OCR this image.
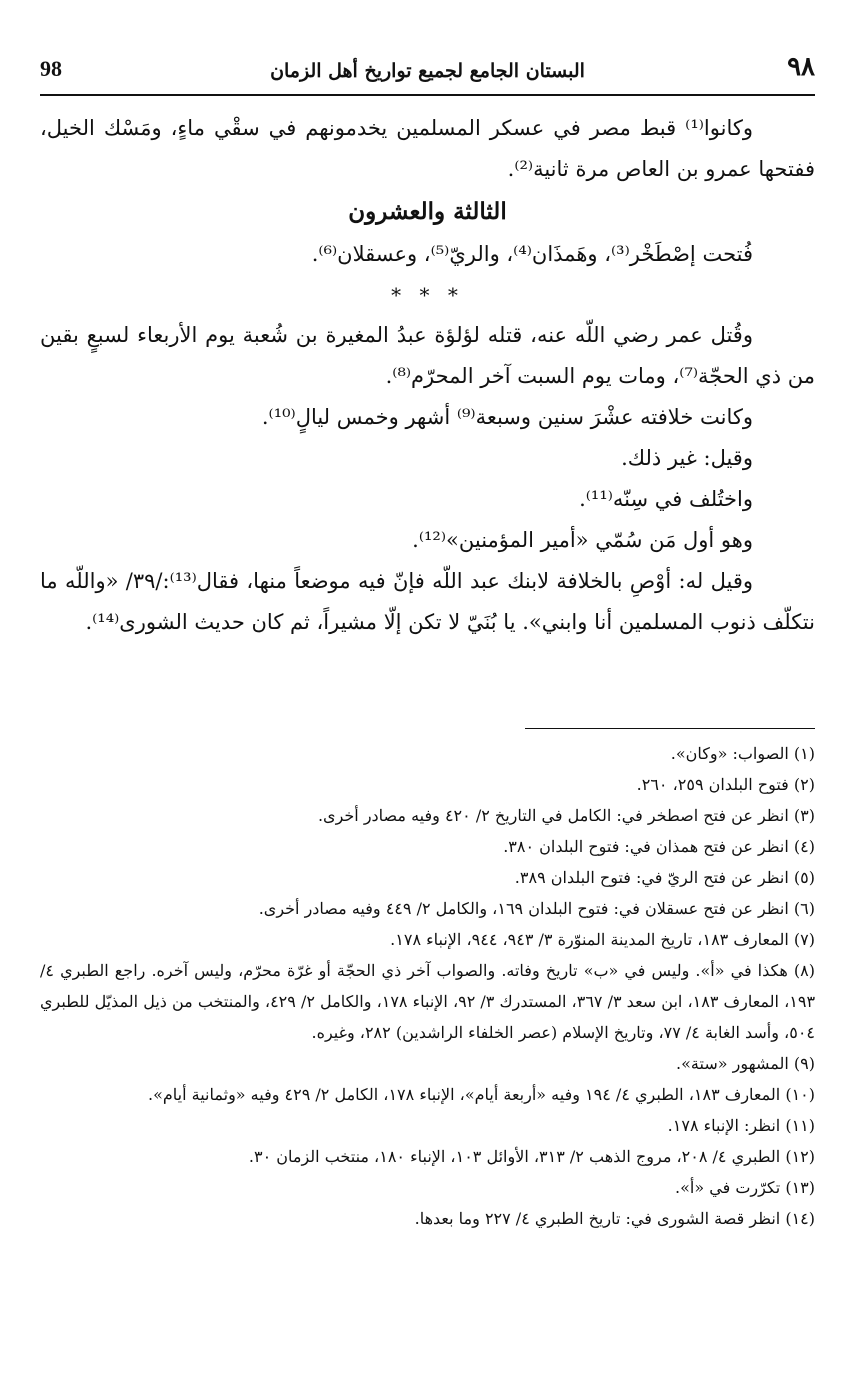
٩٨
البستان الجامع لجميع تواريخ أهل الزمان
98

وكانوا⁽¹⁾ قبط مصر في عسكر المسلمين يخدمونهم في سقْي ماءٍ، ومَسْك الخيل، ففتحها عمرو بن العاص مرة ثانية⁽²⁾.

الثالثة والعشرون

فُتحت إصْطَخْر⁽³⁾، وهَمذَان⁽⁴⁾، والريّ⁽⁵⁾، وعسقلان⁽⁶⁾.

* * *

وقُتل عمر رضي اللّه عنه، قتله لؤلؤة عبدُ المغيرة بن شُعبة يوم الأربعاء لسبعٍ بقين من ذي الحجّة⁽⁷⁾، ومات يوم السبت آخر المحرّم⁽⁸⁾.

وكانت خلافته عشْرَ سنين وسبعة⁽⁹⁾ أشهر وخمس ليالٍ⁽¹⁰⁾.

وقيل: غير ذلك.

واختُلف في سِنّه⁽¹¹⁾.

وهو أول مَن سُمّي «أمير المؤمنين»⁽¹²⁾.

وقيل له: أوْصِ بالخلافة لابنك عبد اللّه فإنّ فيه موضعاً منها، فقال⁽¹³⁾:/٣٩/ «واللّه ما نتكلّف ذنوب المسلمين أنا وابني». يا بُنَيّ لا تكن إلّا مشيراً، ثم كان حديث الشورى⁽¹⁴⁾.

(١) الصواب: «وكان».

(٢) فتوح البلدان ٢٥٩، ٢٦٠.

(٣) انظر عن فتح اصطخر في: الكامل في التاريخ ٢/ ٤٢٠ وفيه مصادر أخرى.

(٤) انظر عن فتح همذان في: فتوح البلدان ٣٨٠.

(٥) انظر عن فتح الريّ في: فتوح البلدان ٣٨٩.

(٦) انظر عن فتح عسقلان في: فتوح البلدان ١٦٩، والكامل ٢/ ٤٤٩ وفيه مصادر أخرى.

(٧) المعارف ١٨٣، تاريخ المدينة المنوّرة ٣/ ٩٤٣، ٩٤٤، الإنباء ١٧٨.

(٨) هكذا في «أ». وليس في «ب» تاريخ وفاته. والصواب آخر ذي الحجّة أو غرّة محرّم، وليس آخره. راجع الطبري ٤/ ١٩٣، المعارف ١٨٣، ابن سعد ٣/ ٣٦٧، المستدرك ٣/ ٩٢، الإنباء ١٧٨، والكامل ٢/ ٤٢٩، والمنتخب من ذيل المذيّل للطبري ٥٠٤، وأسد الغابة ٤/ ٧٧، وتاريخ الإسلام (عصر الخلفاء الراشدين) ٢٨٢، وغيره.

(٩) المشهور «ستة».

(١٠) المعارف ١٨٣، الطبري ٤/ ١٩٤ وفيه «أربعة أيام»، الإنباء ١٧٨، الكامل ٢/ ٤٢٩ وفيه «وثمانية أيام».

(١١) انظر: الإنباء ١٧٨.

(١٢) الطبري ٤/ ٢٠٨، مروج الذهب ٢/ ٣١٣، الأوائل ١٠٣، الإنباء ١٨٠، منتخب الزمان ٣٠.

(١٣) تكرّرت في «أ».

(١٤) انظر قصة الشورى في: تاريخ الطبري ٤/ ٢٢٧ وما بعدها.
